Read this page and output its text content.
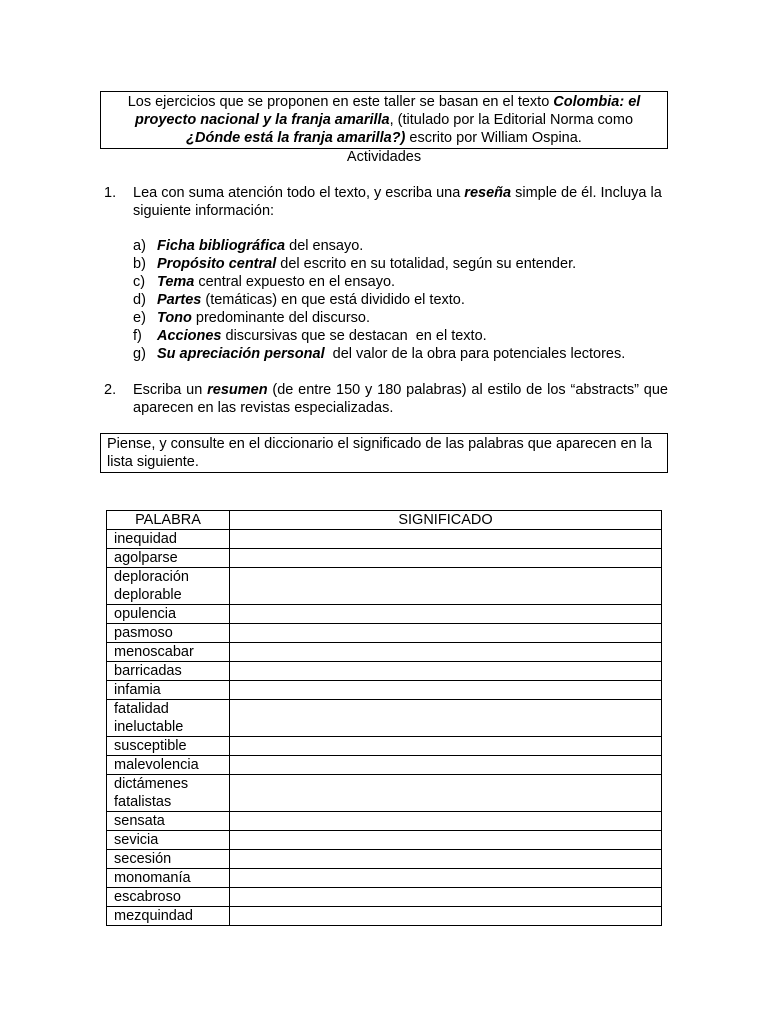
Los ejercicios que se proponen en este taller se basan en el texto Colombia: el proyecto nacional y la franja amarilla, (titulado por la Editorial Norma como ¿Dónde está la franja amarilla?) escrito por William Ospina.
Actividades
1.	Lea con suma atención todo el texto, y escriba una reseña simple de él. Incluya la siguiente información:
a) Ficha bibliográfica del ensayo.
b) Propósito central del escrito en su totalidad, según su entender.
c) Tema central expuesto en el ensayo.
d) Partes (temáticas) en que está dividido el texto.
e) Tono predominante del discurso.
f) Acciones discursivas que se destacan  en el texto.
g) Su apreciación personal  del valor de la obra para potenciales lectores.
2.	Escriba un resumen (de entre 150 y 180 palabras) al estilo de los “abstracts” que aparecen en las revistas especializadas.
Piense, y consulte en el diccionario el significado de las palabras que aparecen en la lista siguiente.
PALABRA	SIGNIFICADO

inequidad	

agolparse	

deploración
deplorable	

opulencia	

pasmoso	

menoscabar	

barricadas	

infamia	

fatalidad
ineluctable	

susceptible	

malevolencia	

dictámenes
fatalistas	

sensata	

sevicia	

secesión	

monomanía	

escabroso	

mezquindad	
